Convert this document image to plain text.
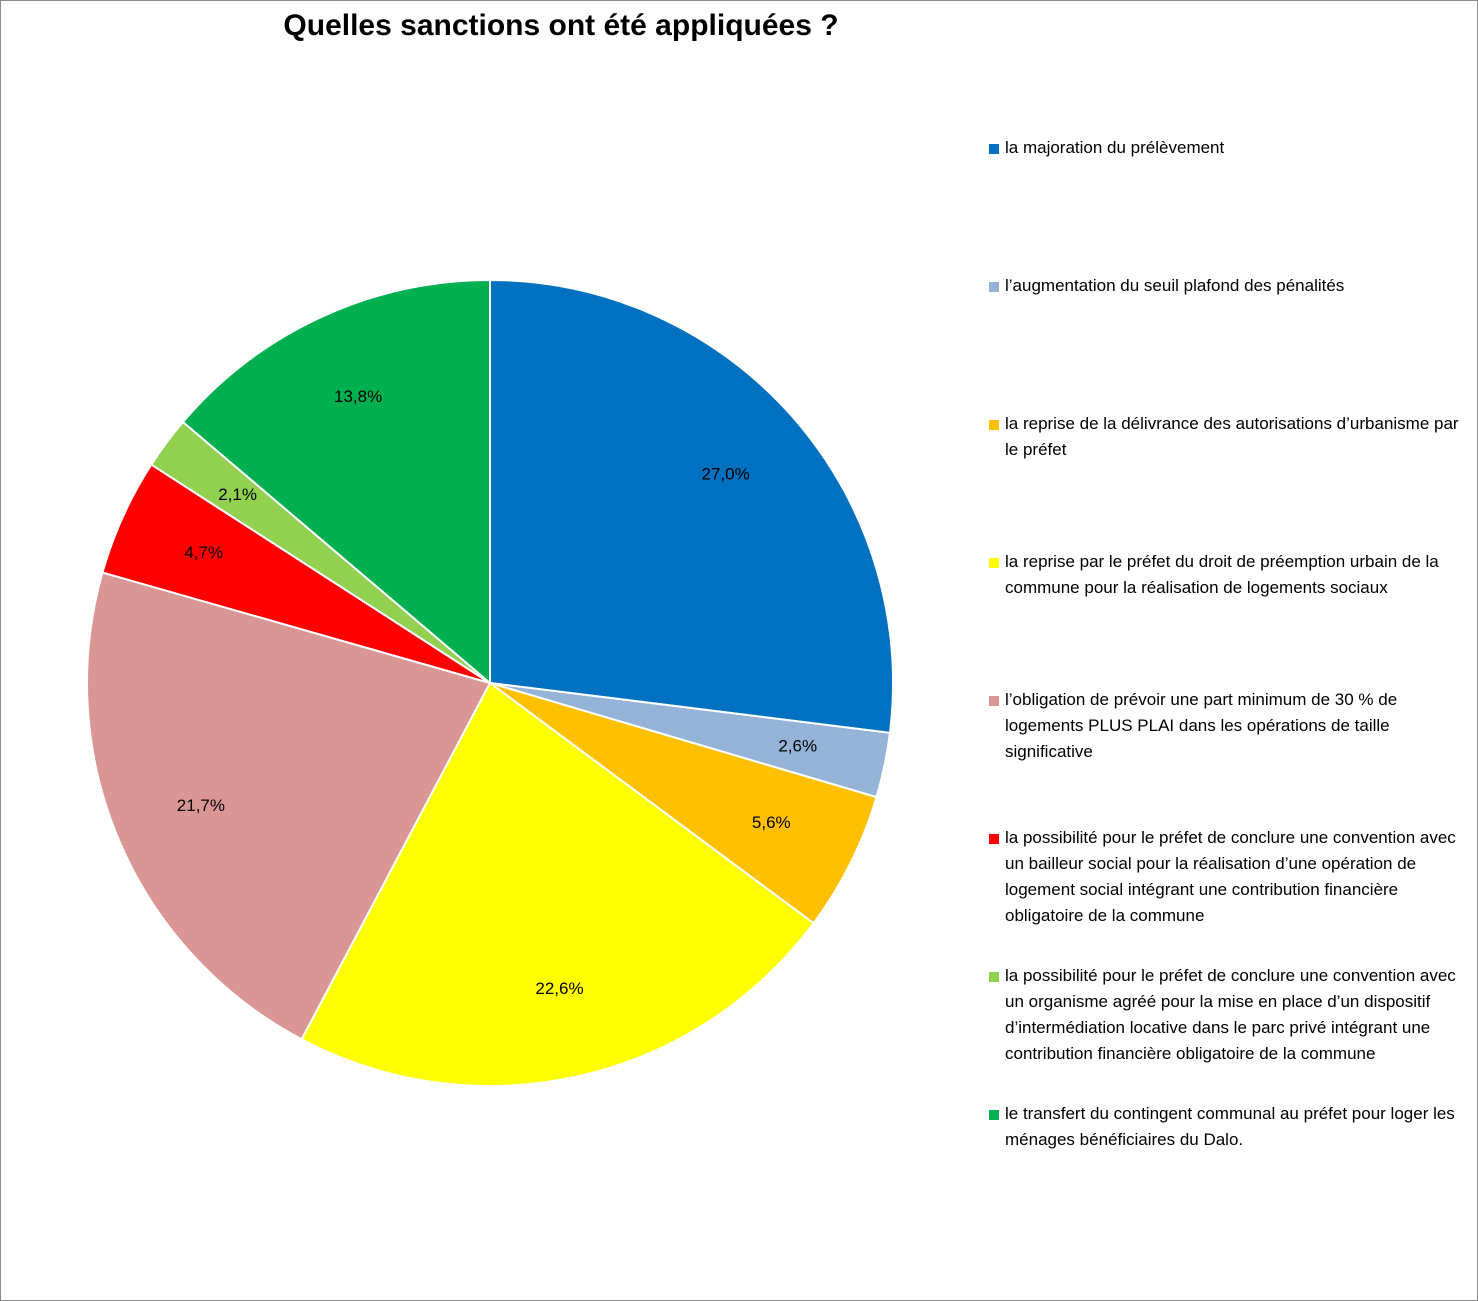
Quelles sanctions ont été appliquées ?
27,0%
2,6%
5,6%
22,6%
21,7%
4,7%
2,1%
13,8%
la majoration du prélèvement
l’augmentation du seuil plafond des pénalités
la reprise de la délivrance des autorisations d’urbanisme par le préfet
la reprise par le préfet du droit de préemption urbain de la commune pour la réalisation de logements sociaux
l’obligation de prévoir une part minimum de 30 % de logements PLUS PLAI dans les opérations de taille significative
la possibilité pour le préfet de conclure une convention avec un bailleur social pour la réalisation d’une opération de logement social intégrant une contribution financière obligatoire de la commune
la possibilité pour le préfet de conclure une convention avec un organisme agréé pour la mise en place d’un dispositif d’intermédiation locative dans le parc privé intégrant une contribution financière obligatoire de la commune
le transfert du contingent communal au préfet pour loger les ménages bénéficiaires du Dalo.
